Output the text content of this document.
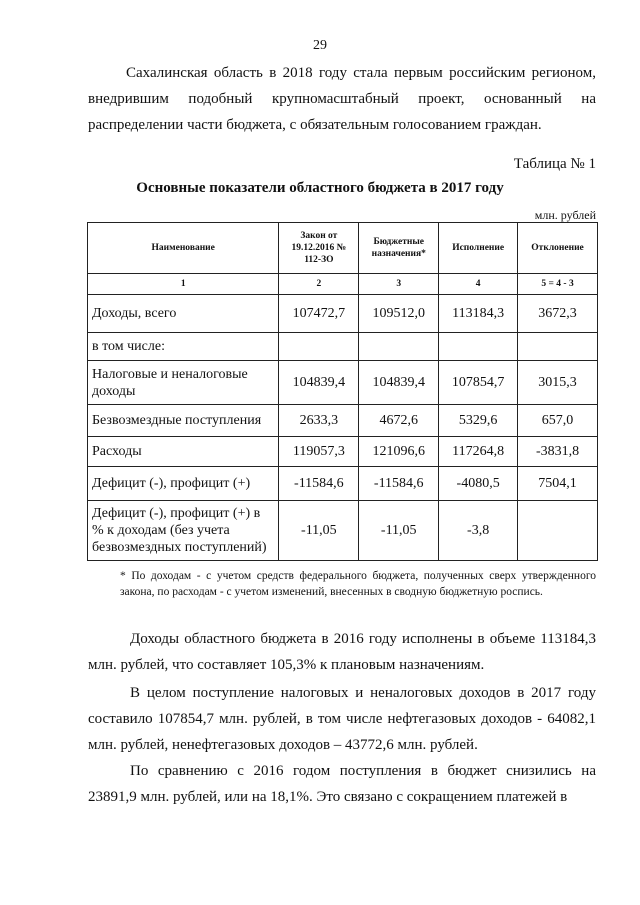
29
Сахалинская область в 2018 году стала первым российским регионом, внедрившим подобный крупномасштабный проект, основанный на распределении части бюджета, с обязательным голосованием граждан.
Таблица № 1
Основные показатели областного бюджета в 2017 году
млн. рублей
Наименование	Закон от 19.12.2016 № 112-ЗО	Бюджетные назначения*	Исполнение	Отклонение
1	2	3	4	5 = 4 - 3
Доходы, всего	107472,7	109512,0	113184,3	3672,3
в том числе:				
Налоговые и неналоговые доходы	104839,4	104839,4	107854,7	3015,3
Безвозмездные поступления	2633,3	4672,6	5329,6	657,0
Расходы	119057,3	121096,6	117264,8	-3831,8
Дефицит (-), профицит (+)	-11584,6	-11584,6	-4080,5	7504,1
Дефицит (-), профицит (+) в % к доходам (без учета безвозмездных поступлений)	-11,05	-11,05	-3,8	
* По доходам - с учетом средств федерального бюджета, полученных сверх утвержденного закона, по расходам - с учетом изменений, внесенных в сводную бюджетную роспись.
Доходы областного бюджета в 2016 году исполнены в объеме 113184,3 млн. рублей, что составляет 105,3% к плановым назначениям.
В целом поступление налоговых и неналоговых доходов в 2017 году составило 107854,7 млн. рублей, в том числе нефтегазовых доходов - 64082,1 млн. рублей, ненефтегазовых доходов – 43772,6 млн. рублей.
По сравнению с 2016 годом поступления в бюджет снизились на 23891,9 млн. рублей, или на 18,1%. Это связано с сокращением платежей в
